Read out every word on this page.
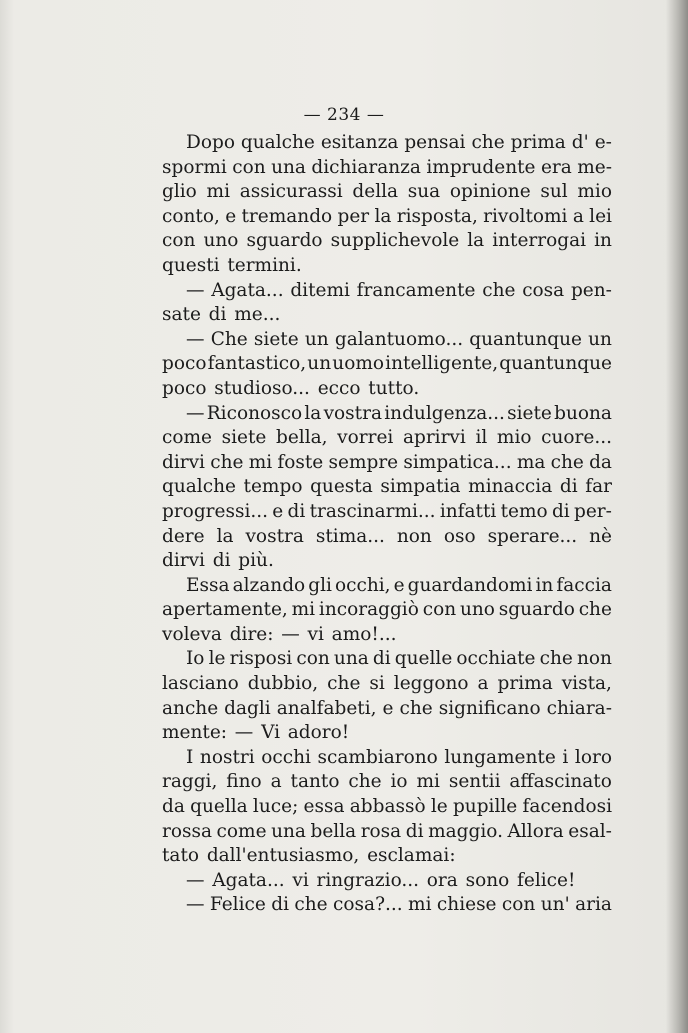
— 234 —
Dopo qualche esitanza pensai che prima d' e-
spormi con una dichiaranza imprudente era me-
glio mi assicurassi della sua opinione sul mio
conto, e tremando per la risposta, rivoltomi a lei
con uno sguardo supplichevole la interrogai in
questi termini.
— Agata... ditemi francamente che cosa pen-
sate di me...
— Che siete un galantuomo... quantunque un
poco fantastico, un uomo intelligente, quantunque
poco studioso... ecco tutto.
— Riconosco la vostra indulgenza... siete buona
come siete bella, vorrei aprirvi il mio cuore...
dirvi che mi foste sempre simpatica... ma che da
qualche tempo questa simpatia minaccia di far
progressi... e di trascinarmi... infatti temo di per-
dere la vostra stima... non oso sperare... nè
dirvi di più.
Essa alzando gli occhi, e guardandomi in faccia
apertamente, mi incoraggiò con uno sguardo che
voleva dire: — vi amo!...
Io le risposi con una di quelle occhiate che non
lasciano dubbio, che si leggono a prima vista,
anche dagli analfabeti, e che significano chiara-
mente: — Vi adoro!
I nostri occhi scambiarono lungamente i loro
raggi, fino a tanto che io mi sentii affascinato
da quella luce; essa abbassò le pupille facendosi
rossa come una bella rosa di maggio. Allora esal-
tato dall'entusiasmo, esclamai:
— Agata... vi ringrazio... ora sono felice!
— Felice di che cosa?... mi chiese con un' aria
